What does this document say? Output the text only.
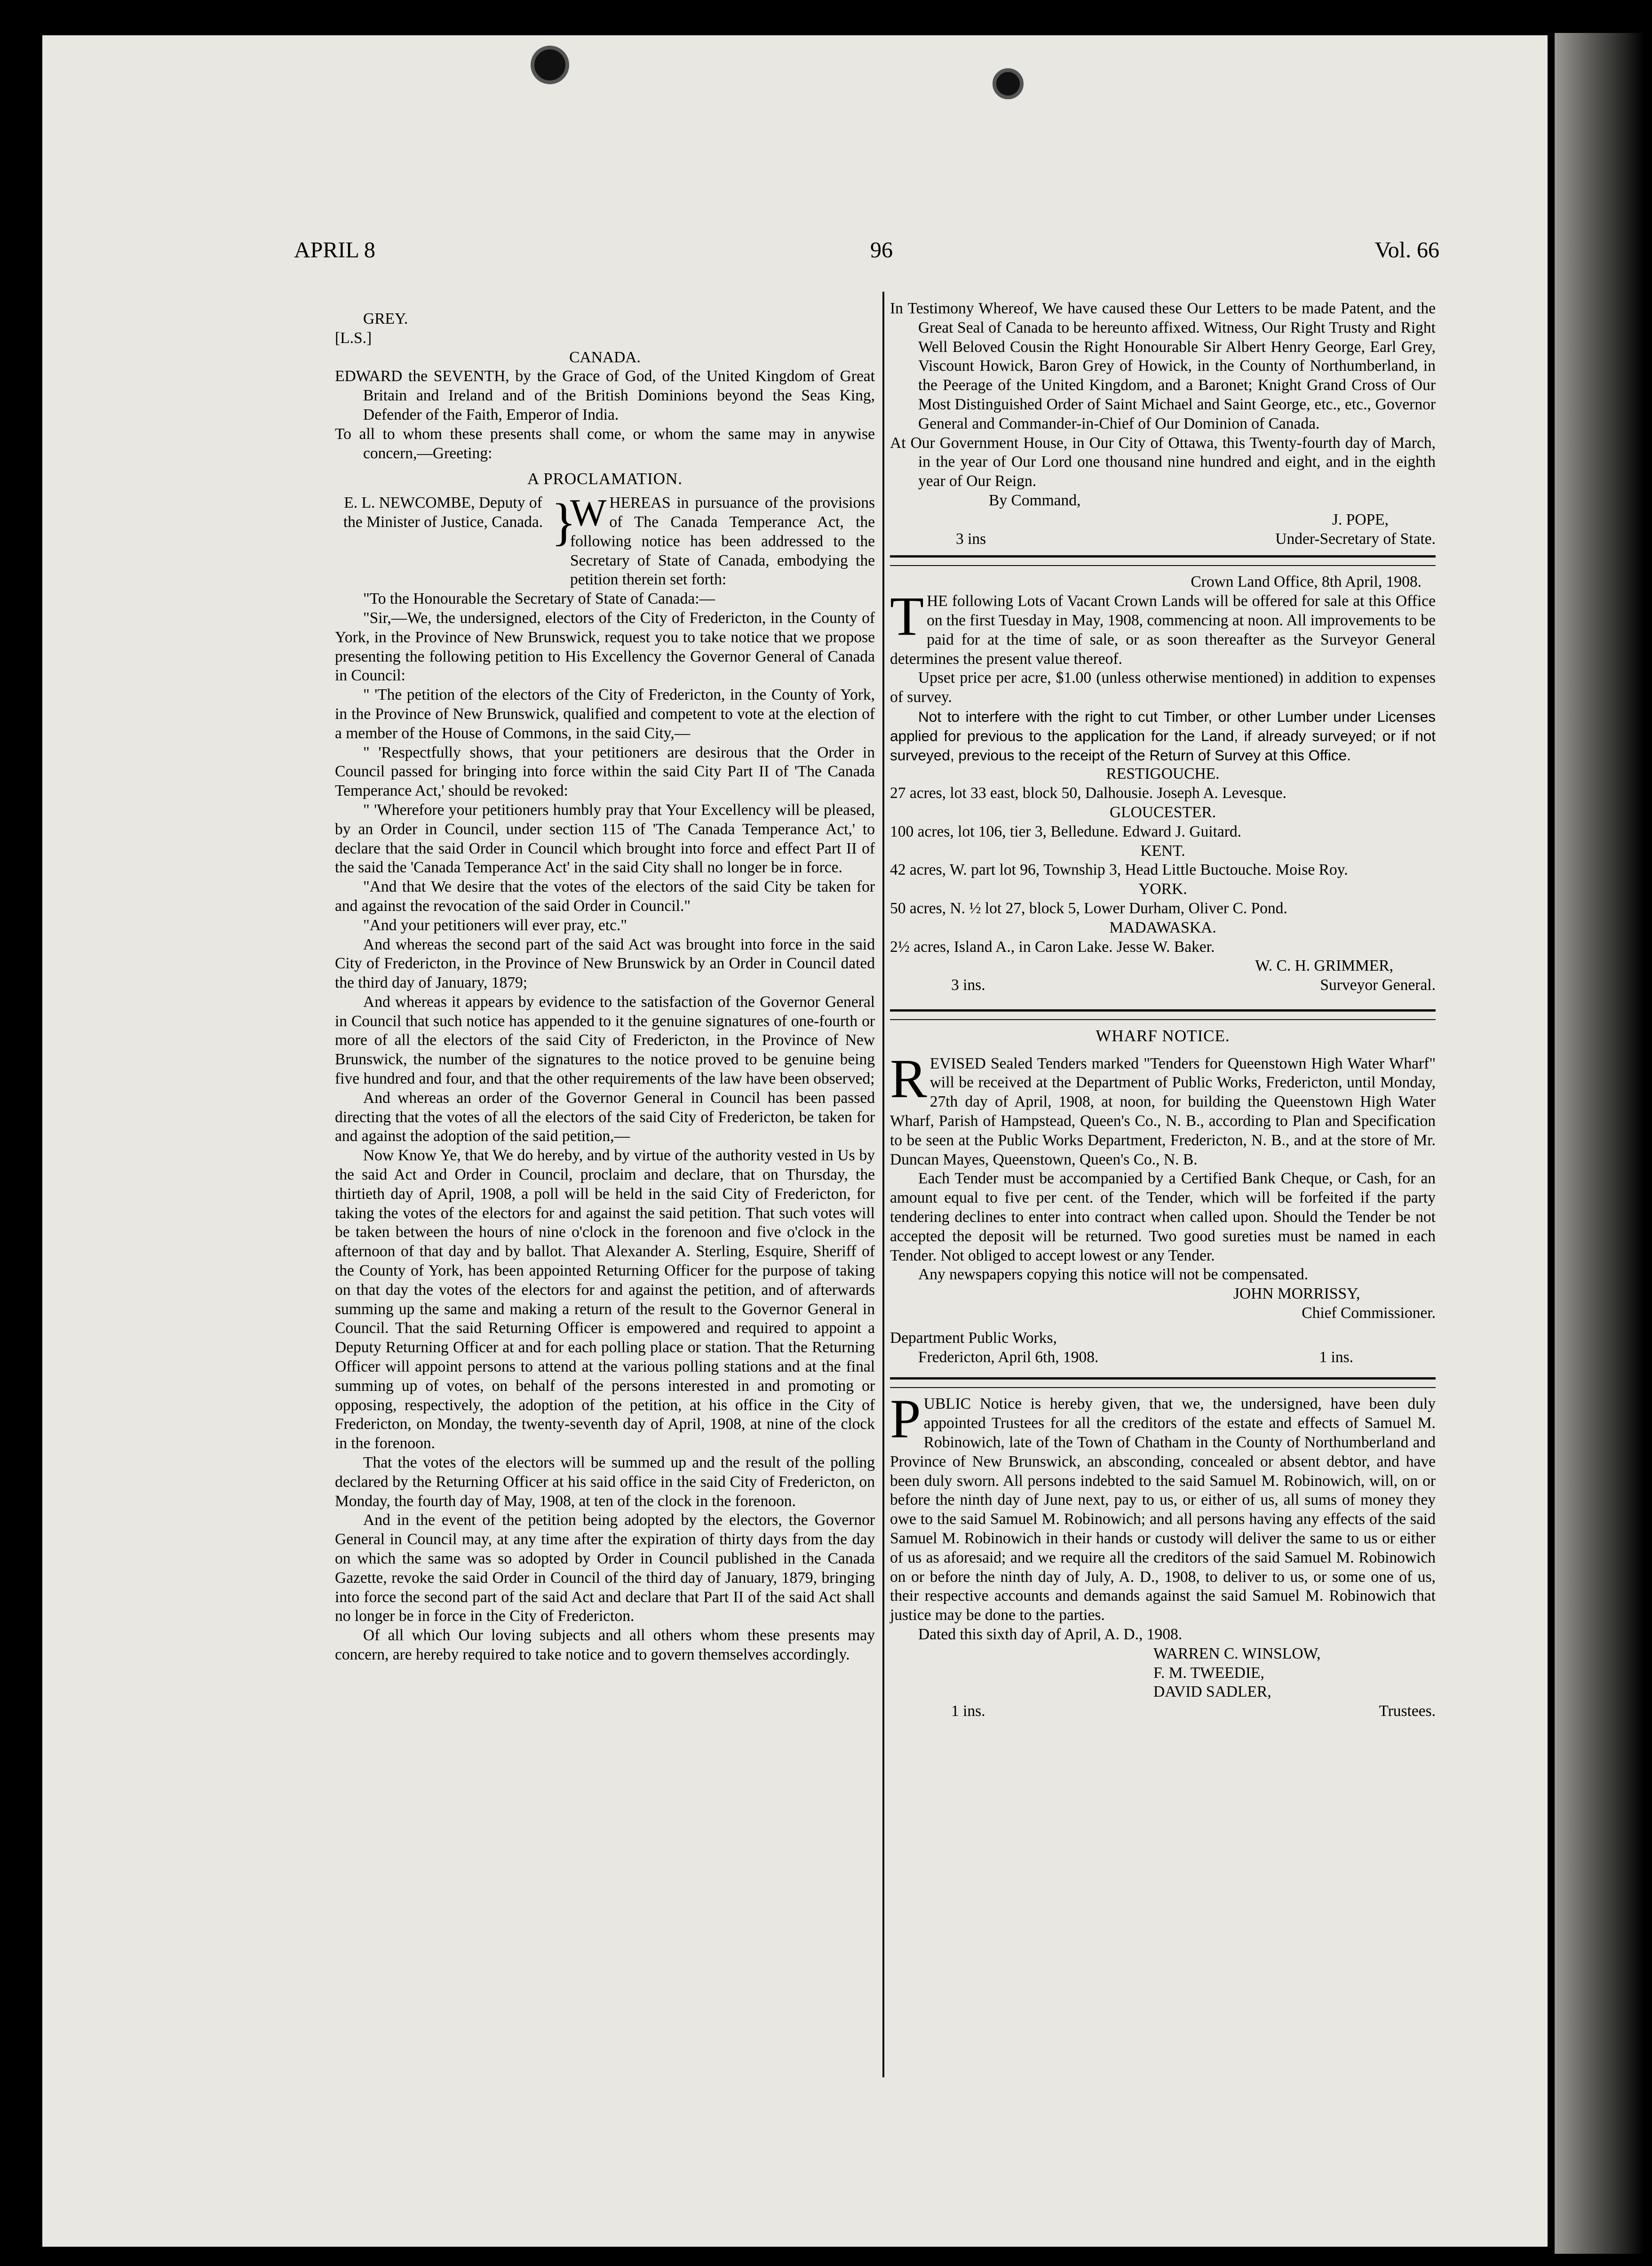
APRIL 8	96	Vol. 66

GREY.

[L.S.]

CANADA.

EDWARD the SEVENTH, by the Grace of God, of the United Kingdom of Great Britain and Ireland and of the British Dominions beyond the Seas King, Defender of the Faith, Emperor of India.

To all to whom these presents shall come, or whom the same may in anywise concern,—Greeting:

A PROCLAMATION.

E. L. NEWCOMBE, Deputy of the Minister of Justice, Canada. }
WHEREAS in pursuance of the provisions of The Canada Temperance Act, the following notice has been addressed to the Secretary of State of Canada, embodying the petition therein set forth:

"To the Honourable the Secretary of State of Canada:—

"Sir,—We, the undersigned, electors of the City of Fredericton, in the County of York, in the Province of New Brunswick, request you to take notice that we propose presenting the following petition to His Excellency the Governor General of Canada in Council:

" 'The petition of the electors of the City of Fredericton, in the County of York, in the Province of New Brunswick, qualified and competent to vote at the election of a member of the House of Commons, in the said City,—

" 'Respectfully shows, that your petitioners are desirous that the Order in Council passed for bringing into force within the said City Part II of 'The Canada Temperance Act,' should be revoked:

" 'Wherefore your petitioners humbly pray that Your Excellency will be pleased, by an Order in Council, under section 115 of 'The Canada Temperance Act,' to declare that the said Order in Council which brought into force and effect Part II of the said the 'Canada Temperance Act' in the said City shall no longer be in force.

"And that We desire that the votes of the electors of the said City be taken for and against the revocation of the said Order in Council."

"And your petitioners will ever pray, etc."

And whereas the second part of the said Act was brought into force in the said City of Fredericton, in the Province of New Brunswick by an Order in Council dated the third day of January, 1879;

And whereas it appears by evidence to the satisfaction of the Governor General in Council that such notice has appended to it the genuine signatures of one-fourth or more of all the electors of the said City of Fredericton, in the Province of New Brunswick, the number of the signatures to the notice proved to be genuine being five hundred and four, and that the other requirements of the law have been observed;

And whereas an order of the Governor General in Council has been passed directing that the votes of all the electors of the said City of Fredericton, be taken for and against the adoption of the said petition,—

Now Know Ye, that We do hereby, and by virtue of the authority vested in Us by the said Act and Order in Council, proclaim and declare, that on Thursday, the thirtieth day of April, 1908, a poll will be held in the said City of Fredericton, for taking the votes of the electors for and against the said petition. That such votes will be taken between the hours of nine o'clock in the forenoon and five o'clock in the afternoon of that day and by ballot. That Alexander A. Sterling, Esquire, Sheriff of the County of York, has been appointed Returning Officer for the purpose of taking on that day the votes of the electors for and against the petition, and of afterwards summing up the same and making a return of the result to the Governor General in Council. That the said Returning Officer is empowered and required to appoint a Deputy Returning Officer at and for each polling place or station. That the Returning Officer will appoint persons to attend at the various polling stations and at the final summing up of votes, on behalf of the persons interested in and promoting or opposing, respectively, the adoption of the petition, at his office in the City of Fredericton, on Monday, the twenty-seventh day of April, 1908, at nine of the clock in the forenoon.

That the votes of the electors will be summed up and the result of the polling declared by the Returning Officer at his said office in the said City of Fredericton, on Monday, the fourth day of May, 1908, at ten of the clock in the forenoon.

And in the event of the petition being adopted by the electors, the Governor General in Council may, at any time after the expiration of thirty days from the day on which the same was so adopted by Order in Council published in the Canada Gazette, revoke the said Order in Council of the third day of January, 1879, bringing into force the second part of the said Act and declare that Part II of the said Act shall no longer be in force in the City of Fredericton.

Of all which Our loving subjects and all others whom these presents may concern, are hereby required to take notice and to govern themselves accordingly.

In Testimony Whereof, We have caused these Our Letters to be made Patent, and the Great Seal of Canada to be hereunto affixed. Witness, Our Right Trusty and Right Well Beloved Cousin the Right Honourable Sir Albert Henry George, Earl Grey, Viscount Howick, Baron Grey of Howick, in the County of Northumberland, in the Peerage of the United Kingdom, and a Baronet; Knight Grand Cross of Our Most Distinguished Order of Saint Michael and Saint George, etc., etc., Governor General and Commander-in-Chief of Our Dominion of Canada.

At Our Government House, in Our City of Ottawa, this Twenty-fourth day of March, in the year of Our Lord one thousand nine hundred and eight, and in the eighth year of Our Reign.

By Command,

J. POPE,

3 ins	Under-Secretary of State.

Crown Land Office, 8th April, 1908.

THE following Lots of Vacant Crown Lands will be offered for sale at this Office on the first Tuesday in May, 1908, commencing at noon. All improvements to be paid for at the time of sale, or as soon thereafter as the Surveyor General determines the present value thereof.

Upset price per acre, $1.00 (unless otherwise mentioned) in addition to expenses of survey.

Not to interfere with the right to cut Timber, or other Lumber under Licenses applied for previous to the application for the Land, if already surveyed; or if not surveyed, previous to the receipt of the Return of Survey at this Office.

RESTIGOUCHE.

27 acres, lot 33 east, block 50, Dalhousie. Joseph A. Levesque.

GLOUCESTER.

100 acres, lot 106, tier 3, Belledune. Edward J. Guitard.

KENT.

42 acres, W. part lot 96, Township 3, Head Little Buctouche. Moise Roy.

YORK.

50 acres, N. ½ lot 27, block 5, Lower Durham, Oliver C. Pond.

MADAWASKA.

2½ acres, Island A., in Caron Lake. Jesse W. Baker.

W. C. H. GRIMMER,

3 ins.	Surveyor General.

WHARF NOTICE.

REVISED Sealed Tenders marked "Tenders for Queenstown High Water Wharf" will be received at the Department of Public Works, Fredericton, until Monday, 27th day of April, 1908, at noon, for building the Queenstown High Water Wharf, Parish of Hampstead, Queen's Co., N. B., according to Plan and Specification to be seen at the Public Works Department, Fredericton, N. B., and at the store of Mr. Duncan Mayes, Queenstown, Queen's Co., N. B.

Each Tender must be accompanied by a Certified Bank Cheque, or Cash, for an amount equal to five per cent. of the Tender, which will be forfeited if the party tendering declines to enter into contract when called upon. Should the Tender be not accepted the deposit will be returned. Two good sureties must be named in each Tender. Not obliged to accept lowest or any Tender.

Any newspapers copying this notice will not be compensated.

JOHN MORRISSY,

Chief Commissioner.

Department Public Works,

Fredericton, April 6th, 1908.	1 ins.

PUBLIC Notice is hereby given, that we, the undersigned, have been duly appointed Trustees for all the creditors of the estate and effects of Samuel M. Robinowich, late of the Town of Chatham in the County of Northumberland and Province of New Brunswick, an absconding, concealed or absent debtor, and have been duly sworn. All persons indebted to the said Samuel M. Robinowich, will, on or before the ninth day of June next, pay to us, or either of us, all sums of money they owe to the said Samuel M. Robinowich; and all persons having any effects of the said Samuel M. Robinowich in their hands or custody will deliver the same to us or either of us as aforesaid; and we require all the creditors of the said Samuel M. Robinowich on or before the ninth day of July, A. D., 1908, to deliver to us, or some one of us, their respective accounts and demands against the said Samuel M. Robinowich that justice may be done to the parties.

Dated this sixth day of April, A. D., 1908.

WARREN C. WINSLOW,

F. M. TWEEDIE,

DAVID SADLER,

1 ins.	Trustees.
